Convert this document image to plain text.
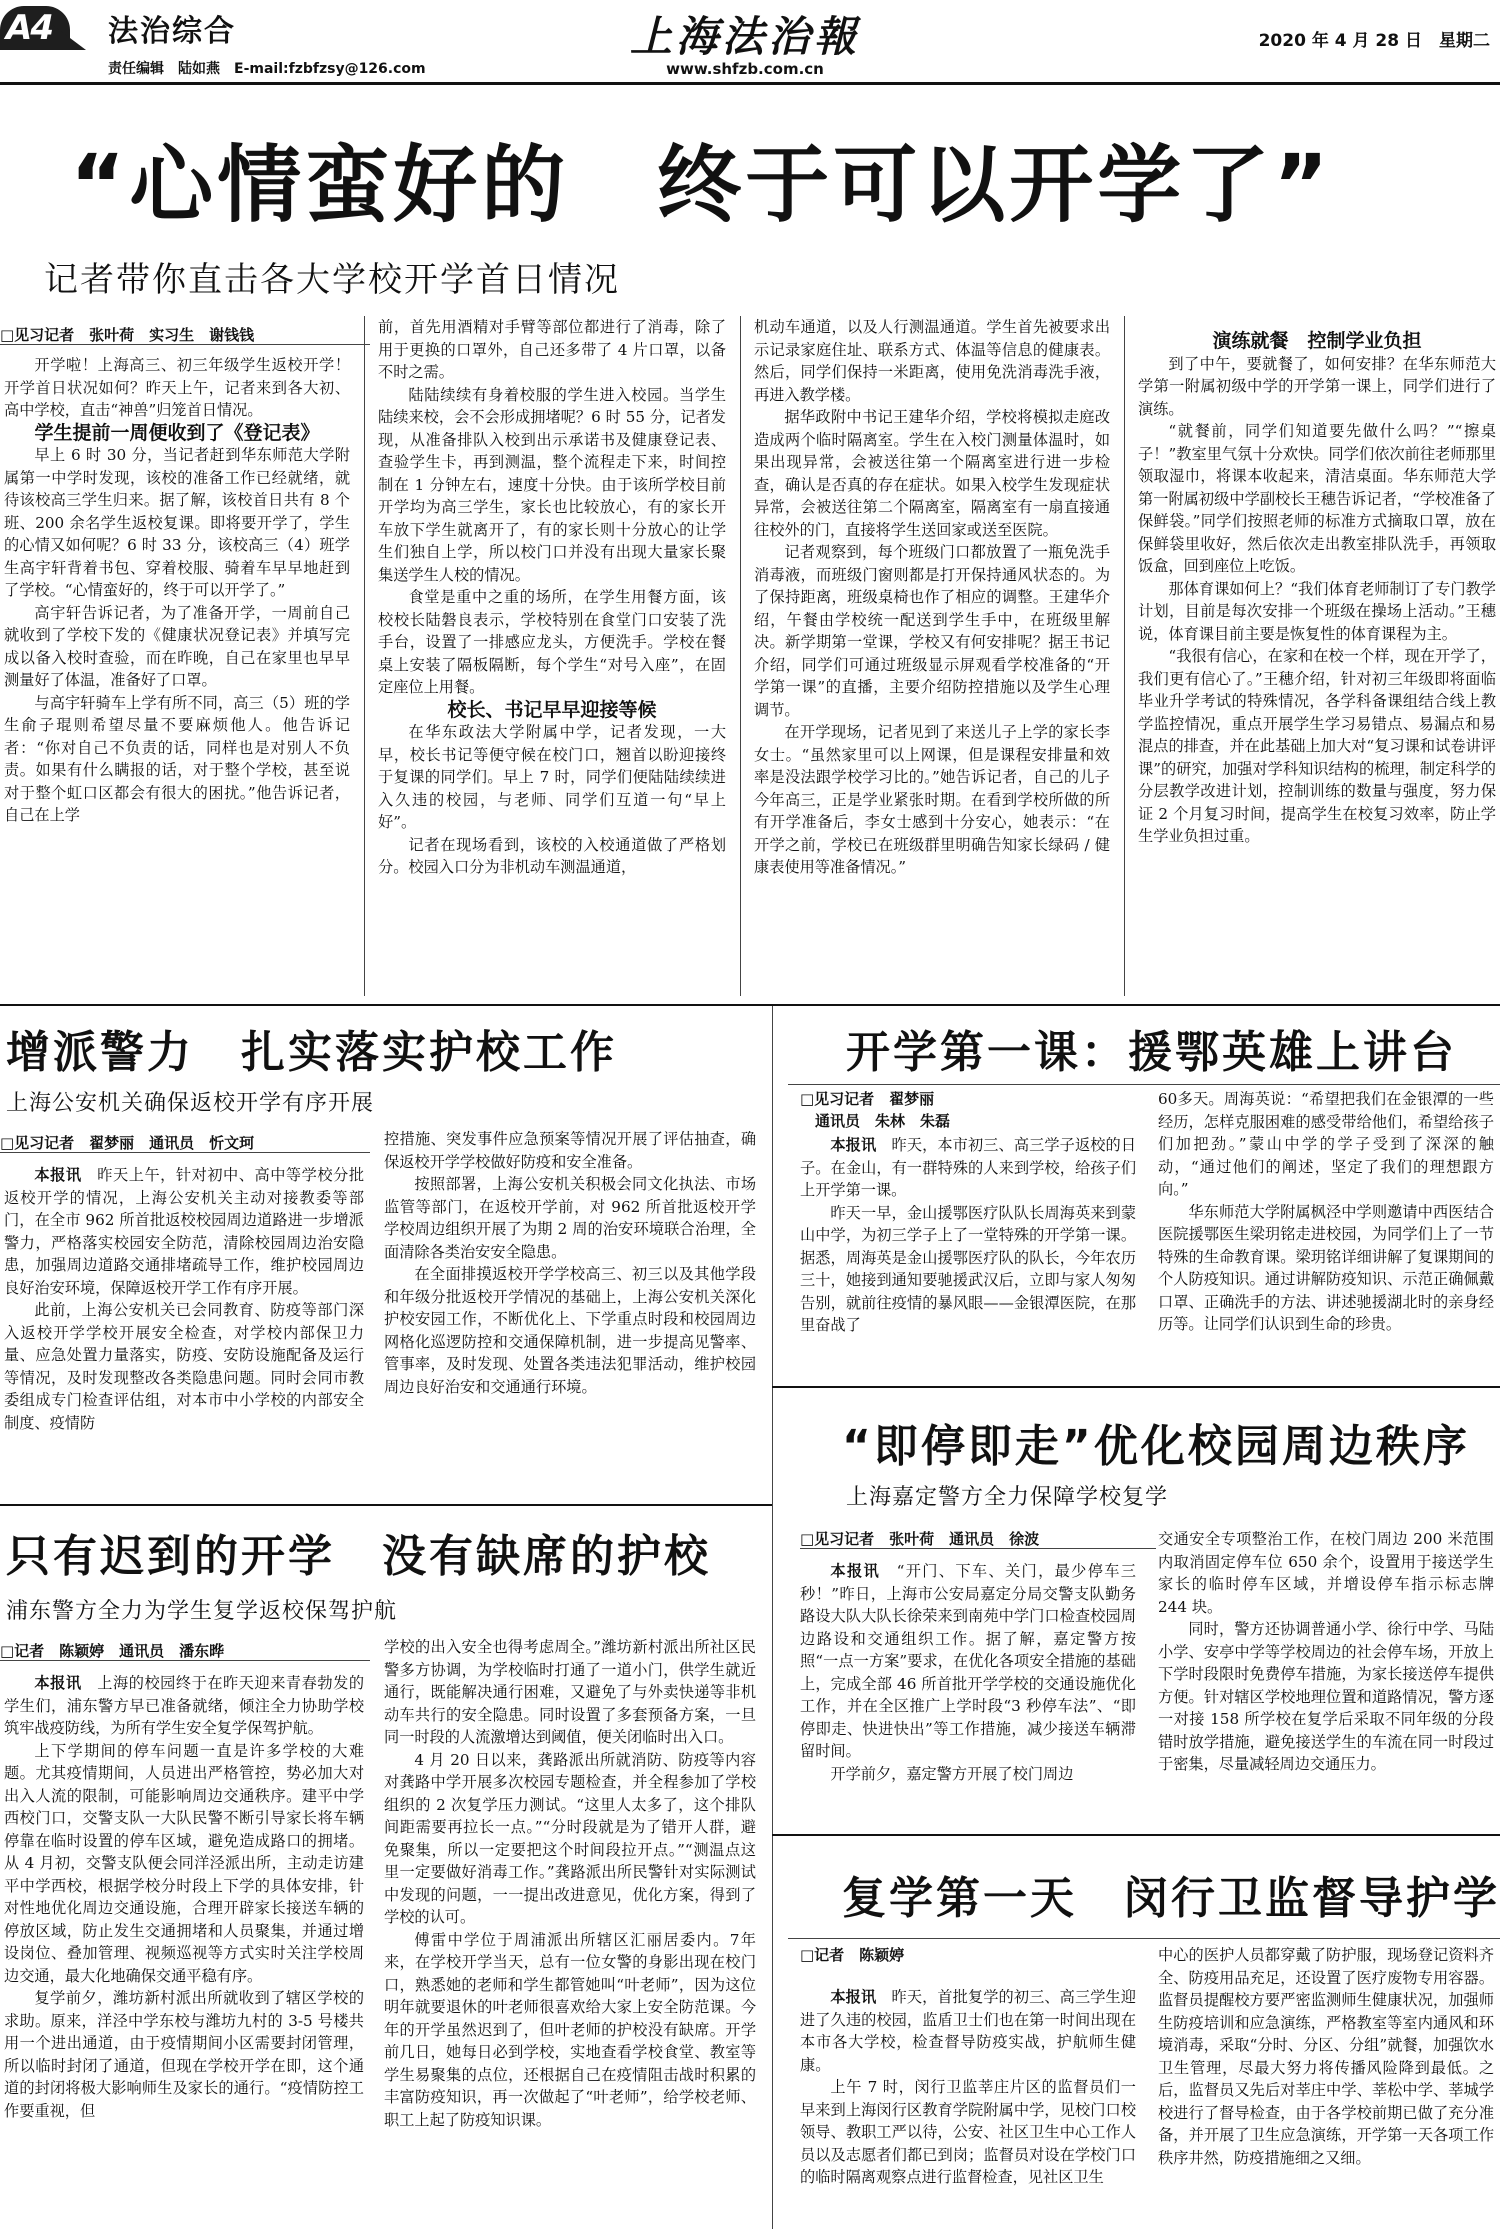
A4 法治综合
责任编辑　陆如燕　E-mail:fzbfzsy@126.com
上海法治報
www.shfzb.com.cn
2020 年 4 月 28 日　星期二
“心情蛮好的　终于可以开学了”
记者带你直击各大学校开学首日情况
□见习记者　张叶荷　实习生　谢钱钱

开学啦！上海高三、初三年级学生返校开学！开学首日状况如何？昨天上午，记者来到各大初、高中学校，直击“神兽”归笼首日情况。

学生提前一周便收到了《登记表》

早上 6 时 30 分，当记者赶到华东师范大学附属第一中学时发现，该校的准备工作已经就绪，就待该校高三学生归来。据了解，该校首日共有 8 个班、200 余名学生返校复课。即将要开学了，学生的心情又如何呢？6 时 33 分，该校高三（4）班学生高宇轩背着书包、穿着校服、骑着车早早地赶到了学校。“心情蛮好的，终于可以开学了。”

高宇轩告诉记者，为了准备开学，一周前自己就收到了学校下发的《健康状况登记表》并填写完成以备入校时查验，而在昨晚，自己在家里也早早测量好了体温，准备好了口罩。

与高宇轩骑车上学有所不同，高三（5）班的学生俞子琨则希望尽量不要麻烦他人。他告诉记者：“你对自己不负责的话，同样也是对别人不负责。如果有什么瞒报的话，对于整个学校，甚至说对于整个虹口区都会有很大的困扰。”他告诉记者，自己在上学

前，首先用酒精对手臂等部位都进行了消毒，除了用于更换的口罩外，自己还多带了 4 片口罩，以备不时之需。

陆陆续续有身着校服的学生进入校园。当学生陆续来校，会不会形成拥堵呢？6 时 55 分，记者发现，从准备排队入校到出示承诺书及健康登记表、查验学生卡，再到测温，整个流程走下来，时间控制在 1 分钟左右，速度十分快。由于该所学校目前开学均为高三学生，家长也比较放心，有的家长开车放下学生就离开了，有的家长则十分放心的让学生们独自上学，所以校门口并没有出现大量家长聚集送学生人校的情况。

食堂是重中之重的场所，在学生用餐方面，该校校长陆磐良表示，学校特别在食堂门口安装了洗手台，设置了一排感应龙头，方便洗手。学校在餐桌上安装了隔板隔断，每个学生“对号入座”，在固定座位上用餐。

校长、书记早早迎接等候

在华东政法大学附属中学，记者发现，一大早，校长书记等便守候在校门口，翘首以盼迎接终于复课的同学们。早上 7 时，同学们便陆陆续续进入久违的校园，与老师、同学们互道一句“早上好”。

记者在现场看到，该校的入校通道做了严格划分。校园入口分为非机动车测温通道，

机动车通道，以及人行测温通道。学生首先被要求出示记录家庭住址、联系方式、体温等信息的健康表。然后，同学们保持一米距离，使用免洗消毒洗手液，再进入教学楼。

据华政附中书记王建华介绍，学校将模拟走庭改造成两个临时隔离室。学生在入校门测量体温时，如果出现异常，会被送往第一个隔离室进行进一步检查，确认是否真的存在症状。如果入校学生发现症状异常，会被送往第二个隔离室，隔离室有一扇直接通往校外的门，直接将学生送回家或送至医院。

记者观察到，每个班级门口都放置了一瓶免洗手消毒液，而班级门窗则都是打开保持通风状态的。为了保持距离，班级桌椅也作了相应的调整。王建华介绍，午餐由学校统一配送到学生手中，在班级里解决。新学期第一堂课，学校又有何安排呢？据王书记介绍，同学们可通过班级显示屏观看学校准备的“开学第一课”的直播，主要介绍防控措施以及学生心理调节。

在开学现场，记者见到了来送儿子上学的家长李女士。“虽然家里可以上网课，但是课程安排量和效率是没法跟学校学习比的。”她告诉记者，自己的儿子今年高三，正是学业紧张时期。在看到学校所做的所有开学准备后，李女士感到十分安心，她表示：“在开学之前，学校已在班级群里明确告知家长绿码 / 健康表使用等准备情况。”

演练就餐　控制学业负担

到了中午，要就餐了，如何安排？在华东师范大学第一附属初级中学的开学第一课上，同学们进行了演练。

“就餐前，同学们知道要先做什么吗？”“擦桌子！”教室里气氛十分欢快。同学们依次前往老师那里领取湿巾，将课本收起来，清洁桌面。华东师范大学第一附属初级中学副校长王穗告诉记者，“学校准备了保鲜袋。”同学们按照老师的标准方式摘取口罩，放在保鲜袋里收好，然后依次走出教室排队洗手，再领取饭盒，回到座位上吃饭。

那体育课如何上？“我们体育老师制订了专门教学计划，目前是每次安排一个班级在操场上活动。”王穗说，体育课目前主要是恢复性的体育课程为主。

“我很有信心，在家和在校一个样，现在开学了，我们更有信心了。”王穗介绍，针对初三年级即将面临毕业升学考试的特殊情况，各学科备课组结合线上教学监控情况，重点开展学生学习易错点、易漏点和易混点的排查，并在此基础上加大对“复习课和试卷讲评课”的研究，加强对学科知识结构的梳理，制定科学的分层教学改进计划，控制训练的数量与强度，努力保证 2 个月复习时间，提高学生在校复习效率，防止学生学业负担过重。

增派警力　扎实落实护校工作
上海公安机关确保返校开学有序开展
□见习记者　翟梦丽　通讯员　忻文珂

本报讯　昨天上午，针对初中、高中等学校分批返校开学的情况，上海公安机关主动对接教委等部门，在全市 962 所首批返校校园周边道路进一步增派警力，严格落实校园安全防范，清除校园周边治安隐患，加强周边道路交通排堵疏导工作，维护校园周边良好治安环境，保障返校开学工作有序开展。

此前，上海公安机关已会同教育、防疫等部门深入返校开学学校开展安全检查，对学校内部保卫力量、应急处置力量落实，防疫、安防设施配备及运行等情况，及时发现整改各类隐患问题。同时会同市教委组成专门检查评估组，对本市中小学校的内部安全制度、疫情防

控措施、突发事件应急预案等情况开展了评估抽查，确保返校开学学校做好防疫和安全准备。

按照部署，上海公安机关积极会同文化执法、市场监管等部门，在返校开学前，对 962 所首批返校开学学校周边组织开展了为期 2 周的治安环境联合治理，全面清除各类治安安全隐患。

在全面排摸返校开学学校高三、初三以及其他学段和年级分批返校开学情况的基础上，上海公安机关深化护校安园工作，不断优化上、下学重点时段和校园周边网格化巡逻防控和交通保障机制，进一步提高见警率、管事率，及时发现、处置各类违法犯罪活动，维护校园周边良好治安和交通通行环境。

开学第一课：援鄂英雄上讲台
□见习记者　翟梦丽
　通讯员　朱林　朱磊

本报讯　昨天，本市初三、高三学子返校的日子。在金山，有一群特殊的人来到学校，给孩子们上开学第一课。

昨天一早，金山援鄂医疗队队长周海英来到蒙山中学，为初三学子上了一堂特殊的开学第一课。据悉，周海英是金山援鄂医疗队的队长，今年农历三十，她接到通知要驰援武汉后，立即与家人匆匆告别，就前往疫情的暴风眼——金银潭医院，在那里奋战了

60多天。周海英说：“希望把我们在金银潭的一些经历，怎样克服困难的感受带给他们，希望给孩子们加把劲。”蒙山中学的学子受到了深深的触动，“通过他们的阐述，坚定了我们的理想跟方向。”

华东师范大学附属枫泾中学则邀请中西医结合医院援鄂医生梁玥铭走进校园，为同学们上了一节特殊的生命教育课。梁玥铭详细讲解了复课期间的个人防疫知识。通过讲解防疫知识、示范正确佩戴口罩、正确洗手的方法、讲述驰援湖北时的亲身经历等。让同学们认识到生命的珍贵。

“即停即走”优化校园周边秩序
上海嘉定警方全力保障学校复学
□见习记者　张叶荷　通讯员　徐波

本报讯　“开门、下车、关门，最少停车三秒！”昨日，上海市公安局嘉定分局交警支队勤务路设大队大队长徐荣来到南苑中学门口检查校园周边路设和交通组织工作。据了解，嘉定警方按照“一点一方案”要求，在优化各项安全措施的基础上，完成全部 46 所首批开学学校的交通设施优化工作，并在全区推广上学时段“3 秒停车法”、“即停即走、快进快出”等工作措施，减少接送车辆滞留时间。

开学前夕，嘉定警方开展了校门周边

交通安全专项整治工作，在校门周边 200 米范围内取消固定停车位 650 余个，设置用于接送学生家长的临时停车区域，并增设停车指示标志牌 244 块。

同时，警方还协调普通小学、徐行中学、马陆小学、安亭中学等学校周边的社会停车场，开放上下学时段限时免费停车措施，为家长接送停车提供方便。针对辖区学校地理位置和道路情况，警方逐一对接 158 所学校在复学后采取不同年级的分段错时放学措施，避免接送学生的车流在同一时段过于密集，尽量减轻周边交通压力。

复学第一天　闵行卫监督导护学
□记者　陈颖婷

本报讯　昨天，首批复学的初三、高三学生迎进了久违的校园，监盾卫士们也在第一时间出现在本市各大学校，检查督导防疫实战，护航师生健康。

上午 7 时，闵行卫监莘庄片区的监督员们一早来到上海闵行区教育学院附属中学，见校门口校领导、教职工严以待，公安、社区卫生中心工作人员以及志愿者们都已到岗；监督员对设在学校门口的临时隔离观察点进行监督检查，见社区卫生

中心的医护人员都穿戴了防护服，现场登记资料齐全、防疫用品充足，还设置了医疗废物专用容器。监督员提醒校方要严密监测师生健康状况，加强师生防疫培训和应急演练，严格教室等室内通风和环境消毒，采取“分时、分区、分组”就餐，加强饮水卫生管理，尽最大努力将传播风险降到最低。之后，监督员又先后对莘庄中学、莘松中学、莘城学校进行了督导检查，由于各学校前期已做了充分准备，并开展了卫生应急演练，开学第一天各项工作秩序井然，防疫措施细之又细。

只有迟到的开学　没有缺席的护校
浦东警方全力为学生复学返校保驾护航
□记者　陈颖婷　通讯员　潘东晔

本报讯　上海的校园终于在昨天迎来青春勃发的学生们，浦东警方早已准备就绪，倾注全力协助学校筑牢战疫防线，为所有学生安全复学保驾护航。

上下学期间的停车问题一直是许多学校的大难题。尤其疫情期间，人员进出严格管控，势必加大对出入人流的限制，可能影响周边交通秩序。建平中学西校门口，交警支队一大队民警不断引导家长将车辆停靠在临时设置的停车区域，避免造成路口的拥堵。从 4 月初，交警支队便会同洋泾派出所，主动走访建平中学西校，根据学校分时段上下学的具体安排，针对性地优化周边交通设施，合理开辟家长接送车辆的停放区域，防止发生交通拥堵和人员聚集，并通过增设岗位、叠加管理、视频巡视等方式实时关注学校周边交通，最大化地确保交通平稳有序。

复学前夕，潍坊新村派出所就收到了辖区学校的求助。原来，洋泾中学东校与潍坊九村的 3-5 号楼共用一个进出通道，由于疫情期间小区需要封闭管理，所以临时封闭了通道，但现在学校开学在即，这个通道的封闭将极大影响师生及家长的通行。“疫情防控工作要重视，但

学校的出入安全也得考虑周全。”潍坊新村派出所社区民警多方协调，为学校临时打通了一道小门，供学生就近通行，既能解决通行困难，又避免了与外卖快递等非机动车共行的安全隐患。同时设置了多套预备方案，一旦同一时段的人流激增达到阈值，便关闭临时出入口。

4 月 20 日以来，龚路派出所就消防、防疫等内容对龚路中学开展多次校园专题检查，并全程参加了学校组织的 2 次复学压力测试。“这里人太多了，这个排队间距需要再拉长一点。”“分时段就是为了错开人群，避免聚集，所以一定要把这个时间段拉开点。”“测温点这里一定要做好消毒工作。”龚路派出所民警针对实际测试中发现的问题，一一提出改进意见，优化方案，得到了学校的认可。

傅雷中学位于周浦派出所辖区汇丽居委内。7年来，在学校开学当天，总有一位女警的身影出现在校门口，熟悉她的老师和学生都管她叫“叶老师”，因为这位明年就要退休的叶老师很喜欢给大家上安全防范课。今年的开学虽然迟到了，但叶老师的护校没有缺席。开学前几日，她每日必到学校，实地查看学校食堂、教室等学生易聚集的点位，还根据自己在疫情阻击战时积累的丰富防疫知识，再一次做起了“叶老师”，给学校老师、职工上起了防疫知识课。
